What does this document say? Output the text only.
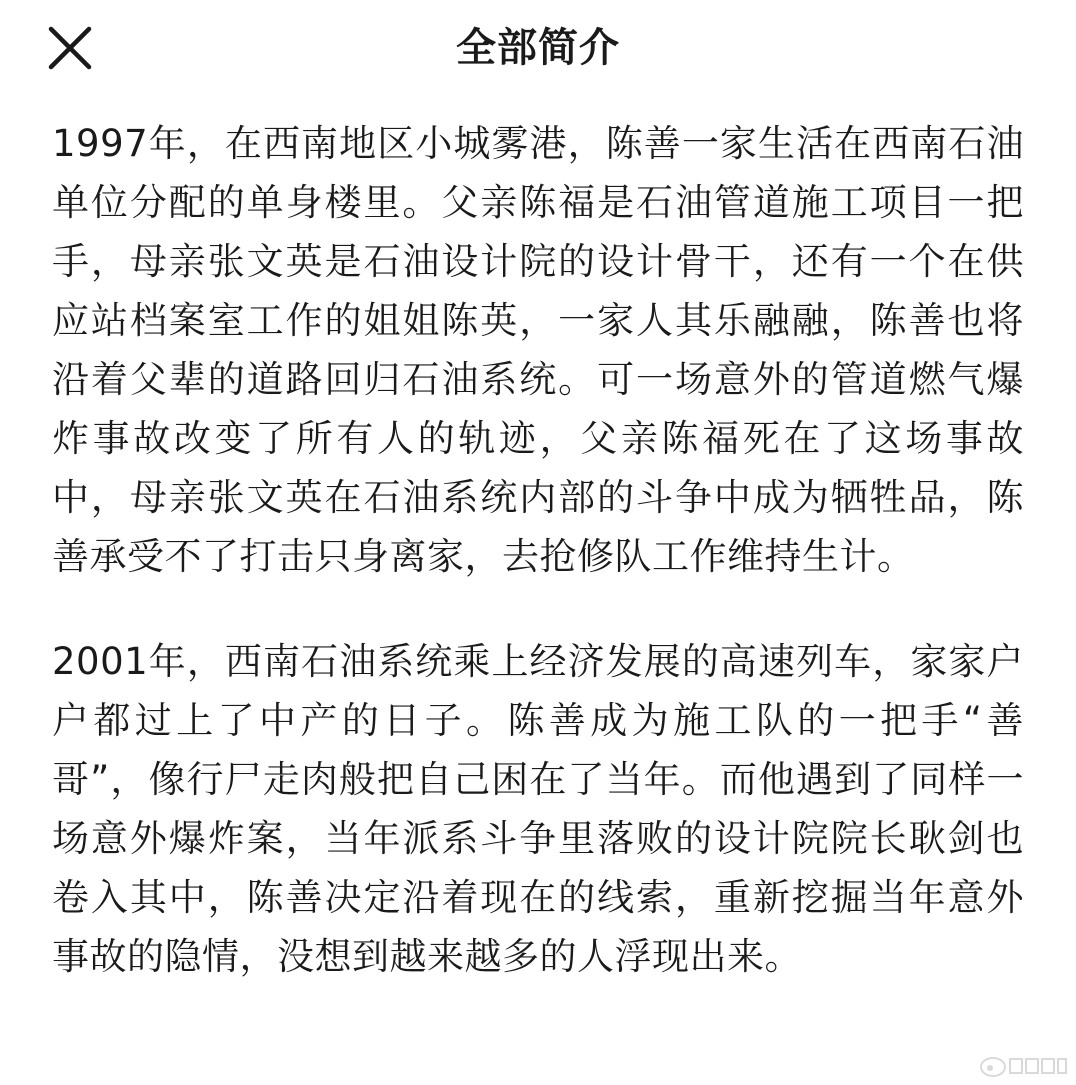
全部简介

1997年，在西南地区小城雾港，陈善一家生活在西南石油单位分配的单身楼里。父亲陈福是石油管道施工项目一把手，母亲张文英是石油设计院的设计骨干，还有一个在供应站档案室工作的姐姐陈英，一家人其乐融融，陈善也将沿着父辈的道路回归石油系统。可一场意外的管道燃气爆炸事故改变了所有人的轨迹，父亲陈福死在了这场事故中，母亲张文英在石油系统内部的斗争中成为牺牲品，陈善承受不了打击只身离家，去抢修队工作维持生计。

2001年，西南石油系统乘上经济发展的高速列车，家家户户都过上了中产的日子。陈善成为施工队的一把手“善哥”，像行尸走肉般把自己困在了当年。而他遇到了同样一场意外爆炸案，当年派系斗争里落败的设计院院长耿剑也卷入其中，陈善决定沿着现在的线索，重新挖掘当年意外事故的隐情，没想到越来越多的人浮现出来。
